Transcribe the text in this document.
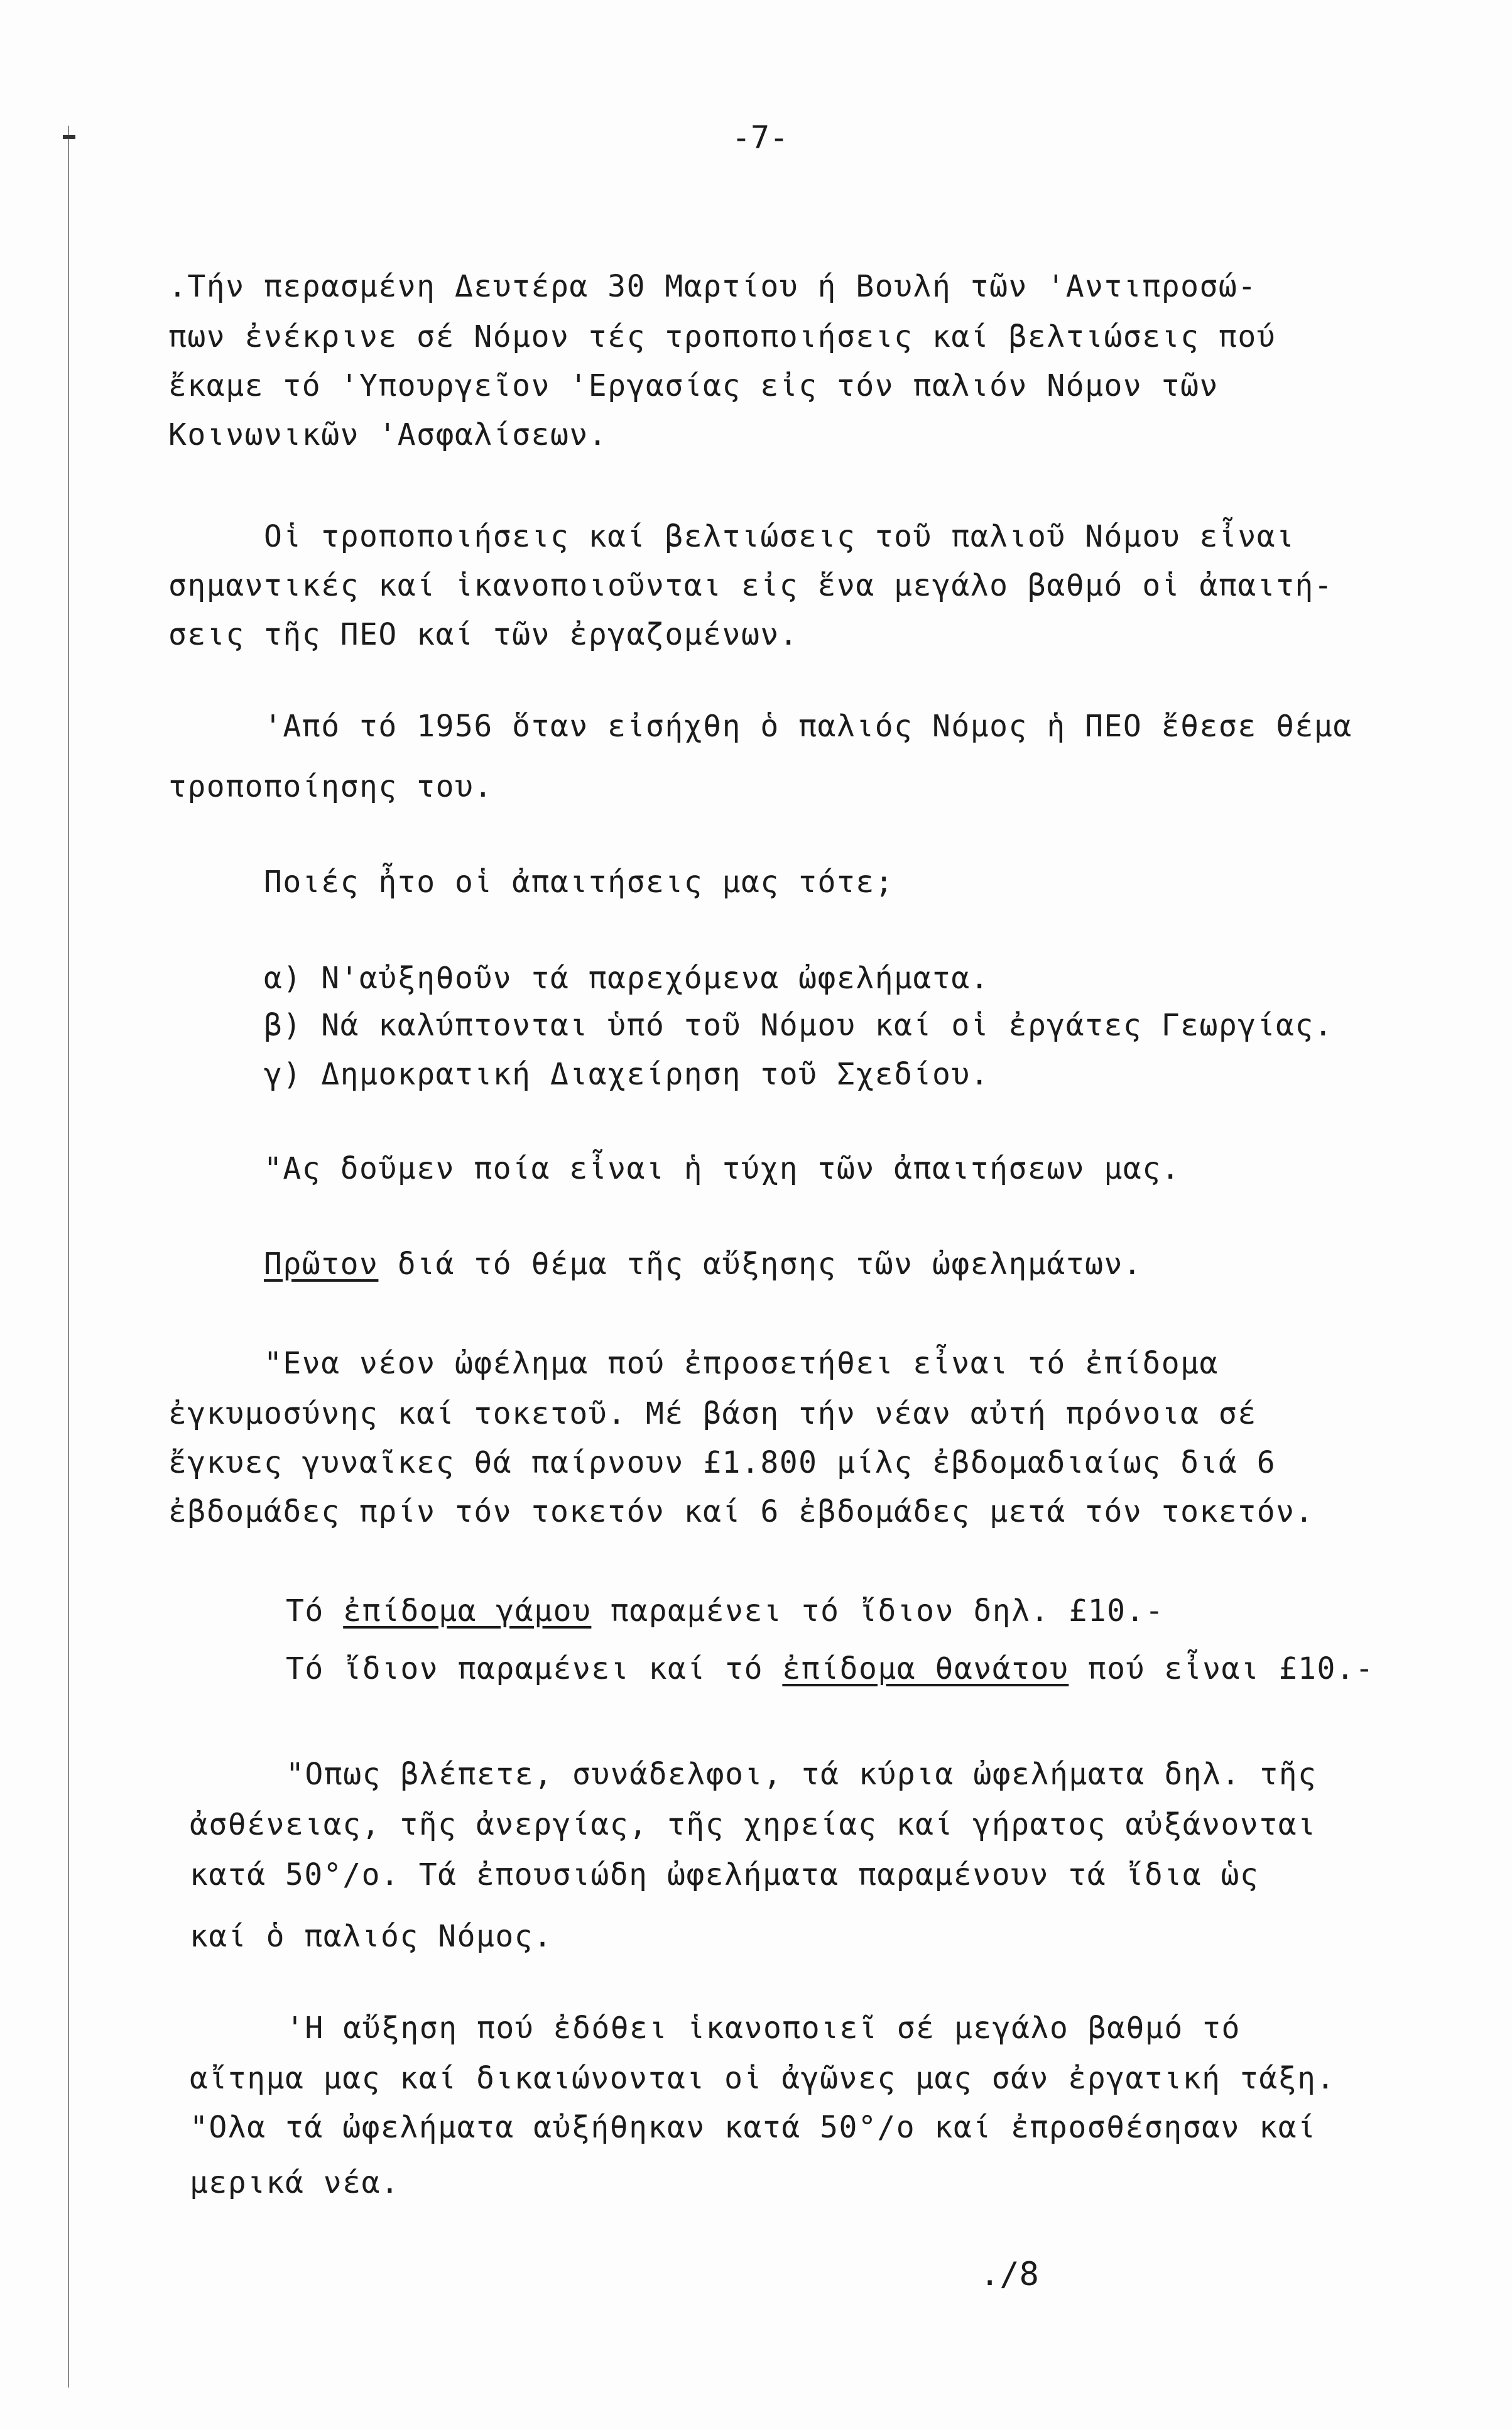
-7-
.Τήν περασμένη Δευτέρα 30 Μαρτίου ή Βουλή τῶν 'Αντιπροσώ-
πων ἐνέκρινε σέ Νόμον τές τροποποιήσεις καί βελτιώσεις πού
ἔκαμε τό 'Υπουργεῖον 'Εργασίας εἰς τόν παλιόν Νόμον τῶν
Κοινωνικῶν 'Ασφαλίσεων.
Οἱ τροποποιήσεις καί βελτιώσεις τοῦ παλιοῦ Νόμου εἶναι
σημαντικές καί ἱκανοποιοῦνται εἰς ἕνα μεγάλο βαθμό οἱ ἀπαιτή-
σεις τῆς ΠΕΟ καί τῶν ἐργαζομένων.
'Από τό 1956 ὅταν εἰσήχθη ὁ παλιός Νόμος ἡ ΠΕΟ ἔθεσε θέμα
τροποποίησης του.
Ποιές ἦτο οἱ ἀπαιτήσεις μας τότε;
α) Ν'αὐξηθοῦν τά παρεχόμενα ὠφελήματα.
β) Νά καλύπτονται ὑπό τοῦ Νόμου καί οἱ ἐργάτες Γεωργίας.
γ) Δημοκρατική Διαχείρηση τοῦ Σχεδίου.
"Ας δοῦμεν ποία εἶναι ἡ τύχη τῶν ἀπαιτήσεων μας.
Πρῶτον διά τό θέμα τῆς αὔξησης τῶν ὠφελημάτων.
"Ενα νέον ὠφέλημα πού ἐπροσετήθει εἶναι τό ἐπίδομα
ἐγκυμοσύνης καί τοκετοῦ. Μέ βάση τήν νέαν αὐτή πρόνοια σέ
ἔγκυες γυναῖκες θά παίρνουν £1.800 μίλς ἐβδομαδιαίως διά 6
ἐβδομάδες πρίν τόν τοκετόν καί 6 ἐβδομάδες μετά τόν τοκετόν.
Τό ἐπίδομα γάμου παραμένει τό ἴδιον δηλ. £10.-
Τό ἴδιον παραμένει καί τό ἐπίδομα θανάτου πού εἶναι £10.-
"Οπως βλέπετε, συνάδελφοι, τά κύρια ὠφελήματα δηλ. τῆς
ἀσθένειας, τῆς ἀνεργίας, τῆς χηρείας καί γήρατος αὐξάνονται
κατά 50°/ο. Τά ἐπουσιώδη ὠφελήματα παραμένουν τά ἴδια ὡς
καί ὁ παλιός Νόμος.
'Η αὔξηση πού ἐδόθει ἱκανοποιεῖ σέ μεγάλο βαθμό τό
αἴτημα μας καί δικαιώνονται οἱ ἀγῶνες μας σάν ἐργατική τάξη.
"Ολα τά ὠφελήματα αὐξήθηκαν κατά 50°/ο καί ἐπροσθέσησαν καί
μερικά νέα.
./8
